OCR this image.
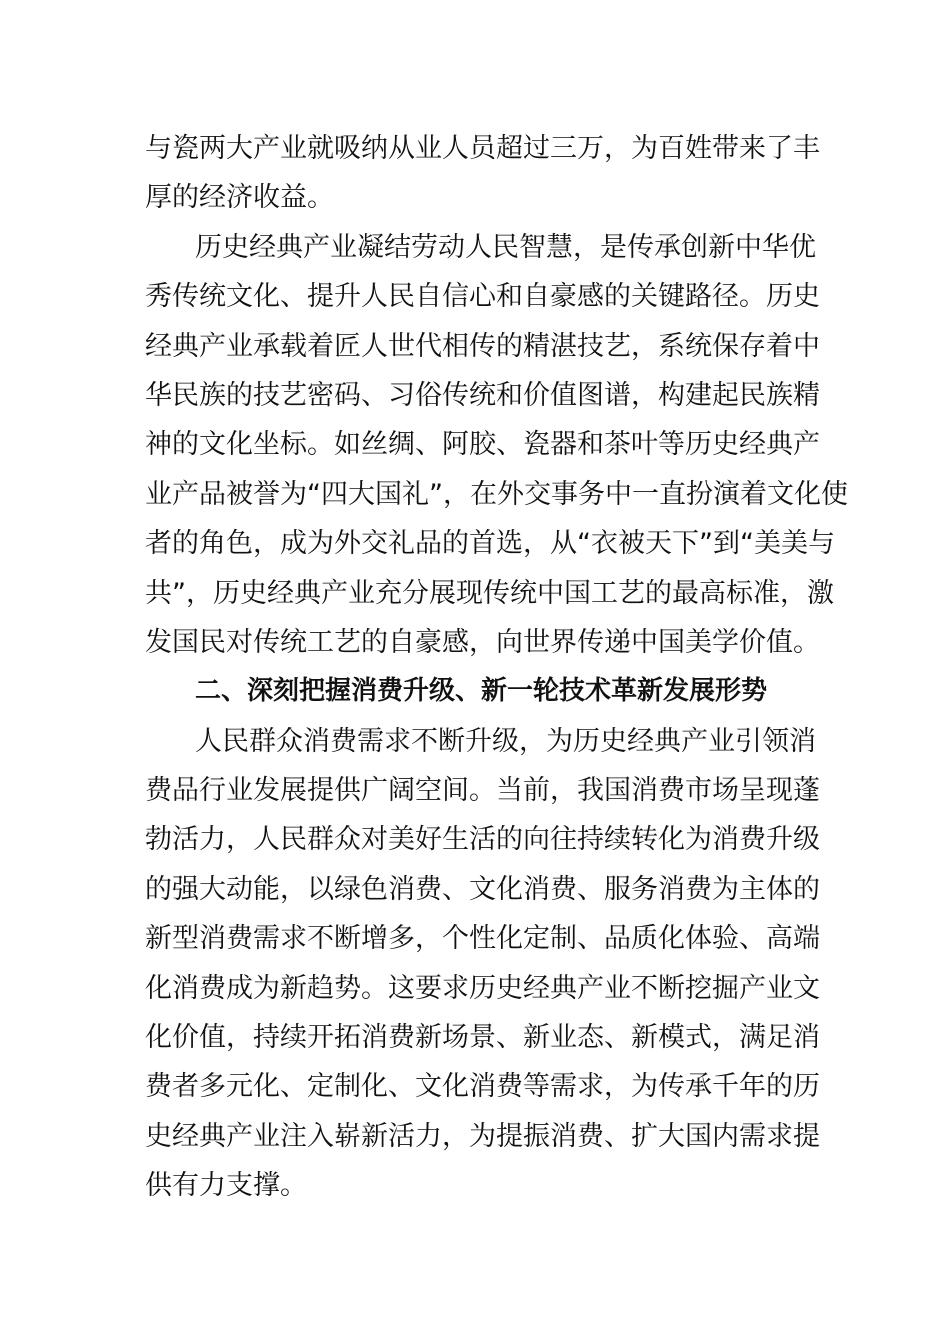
与瓷两大产业就吸纳从业人员超过三万，为百姓带来了丰
厚的经济收益。
历史经典产业凝结劳动人民智慧，是传承创新中华优
秀传统文化、提升人民自信心和自豪感的关键路径。历史
经典产业承载着匠人世代相传的精湛技艺，系统保存着中
华民族的技艺密码、习俗传统和价值图谱，构建起民族精
神的文化坐标。如丝绸、阿胶、瓷器和茶叶等历史经典产
业产品被誉为“四大国礼”，在外交事务中一直扮演着文化使
者的角色，成为外交礼品的首选，从“衣被天下”到“美美与
共”，历史经典产业充分展现传统中国工艺的最高标准，激
发国民对传统工艺的自豪感，向世界传递中国美学价值。
二、深刻把握消费升级、新一轮技术革新发展形势
人民群众消费需求不断升级，为历史经典产业引领消
费品行业发展提供广阔空间。当前，我国消费市场呈现蓬
勃活力，人民群众对美好生活的向往持续转化为消费升级
的强大动能，以绿色消费、文化消费、服务消费为主体的
新型消费需求不断增多，个性化定制、品质化体验、高端
化消费成为新趋势。这要求历史经典产业不断挖掘产业文
化价值，持续开拓消费新场景、新业态、新模式，满足消
费者多元化、定制化、文化消费等需求，为传承千年的历
史经典产业注入崭新活力，为提振消费、扩大国内需求提
供有力支撑。
